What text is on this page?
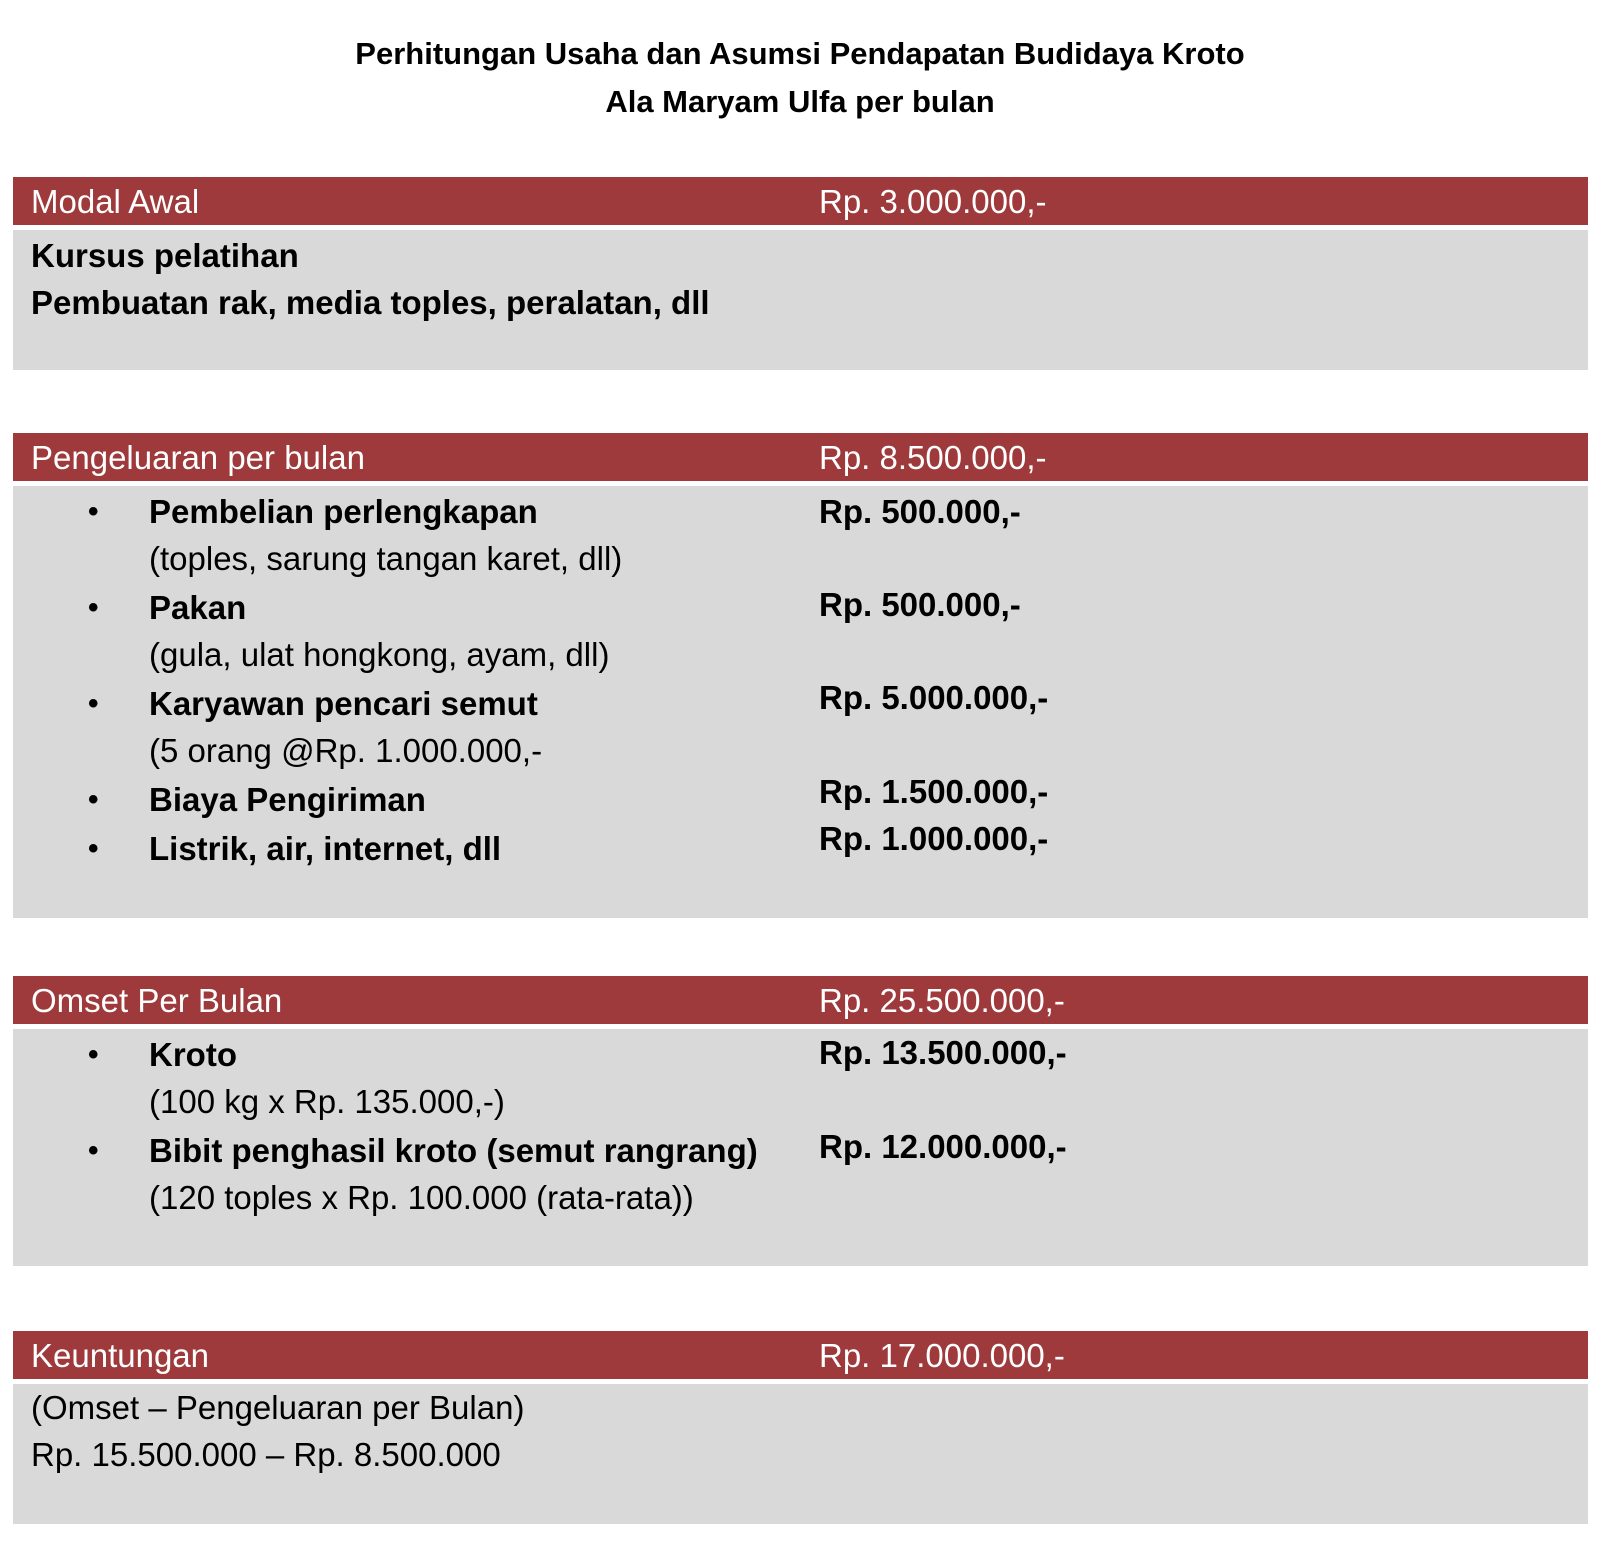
Perhitungan Usaha dan Asumsi Pendapatan Budidaya Kroto
Ala Maryam Ulfa per bulan
Modal Awal	Rp. 3.000.000,-
Kursus pelatihan
Pembuatan rak, media toples, peralatan, dll
Pengeluaran per bulan	Rp. 8.500.000,-
• Pembelian perlengkapan	Rp. 500.000,-
(toples, sarung tangan karet, dll)
• Pakan	Rp. 500.000,-
(gula, ulat hongkong, ayam, dll)
• Karyawan pencari semut	Rp. 5.000.000,-
(5 orang @Rp. 1.000.000,-
• Biaya Pengiriman	Rp. 1.500.000,-
• Listrik, air, internet, dll	Rp. 1.000.000,-
Omset Per Bulan	Rp. 25.500.000,-
• Kroto	Rp. 13.500.000,-
(100 kg x Rp. 135.000,-)
• Bibit penghasil kroto (semut rangrang) Rp. 12.000.000,-
(120 toples x Rp. 100.000 (rata-rata))
Keuntungan	Rp. 17.000.000,-
(Omset – Pengeluaran per Bulan)
Rp. 15.500.000 – Rp. 8.500.000
